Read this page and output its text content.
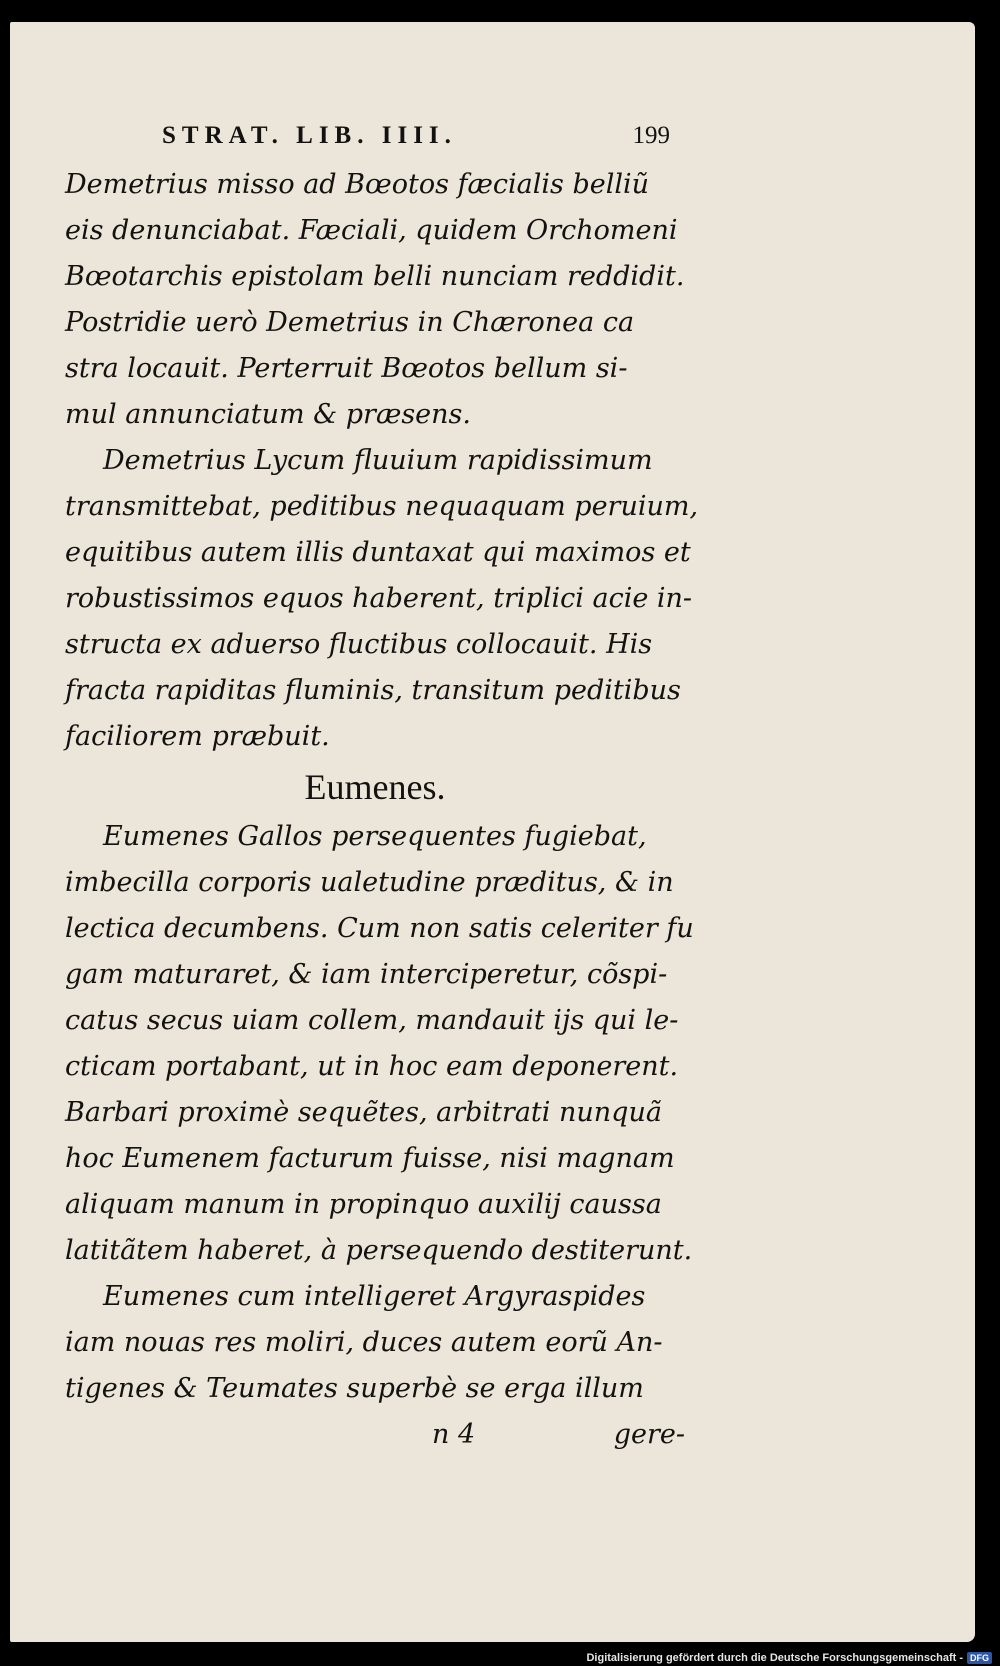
STRAT. LIB. IIII.	199
Demetrius misso ad Bœotos fæcialis belliũ
eis denunciabat. Fæciali, quidem Orchomeni
Bœotarchis epistolam belli nunciam reddidit.
Postridie uerò Demetrius in Chæronea ca
stra locauit. Perterruit Bœotos bellum si-
mul annunciatum & præsens.
Demetrius Lycum fluuium rapidissimum
transmittebat, peditibus nequaquam peruium,
equitibus autem illis duntaxat qui maximos et
robustissimos equos haberent, triplici acie in-
structa ex aduerso fluctibus collocauit. His
fracta rapiditas fluminis, transitum peditibus
faciliorem præbuit.
Eumenes.
Eumenes Gallos persequentes fugiebat,
imbecilla corporis ualetudine præditus, & in
lectica decumbens. Cum non satis celeriter fu
gam maturaret, & iam interciperetur, cõspi-
catus secus uiam collem, mandauit ijs qui le-
cticam portabant, ut in hoc eam deponerent.
Barbari proximè sequẽtes, arbitrati nunquã
hoc Eumenem facturum fuisse, nisi magnam
aliquam manum in propinquo auxilij caussa
latitãtem haberet, à persequendo destiterunt.
Eumenes cum intelligeret Argyraspides
iam nouas res moliri, duces autem eorũ An-
tigenes & Teumates superbè se erga illum
n 4	gere-
Digitalisierung gefördert durch die Deutsche Forschungsgemeinschaft - DFG
